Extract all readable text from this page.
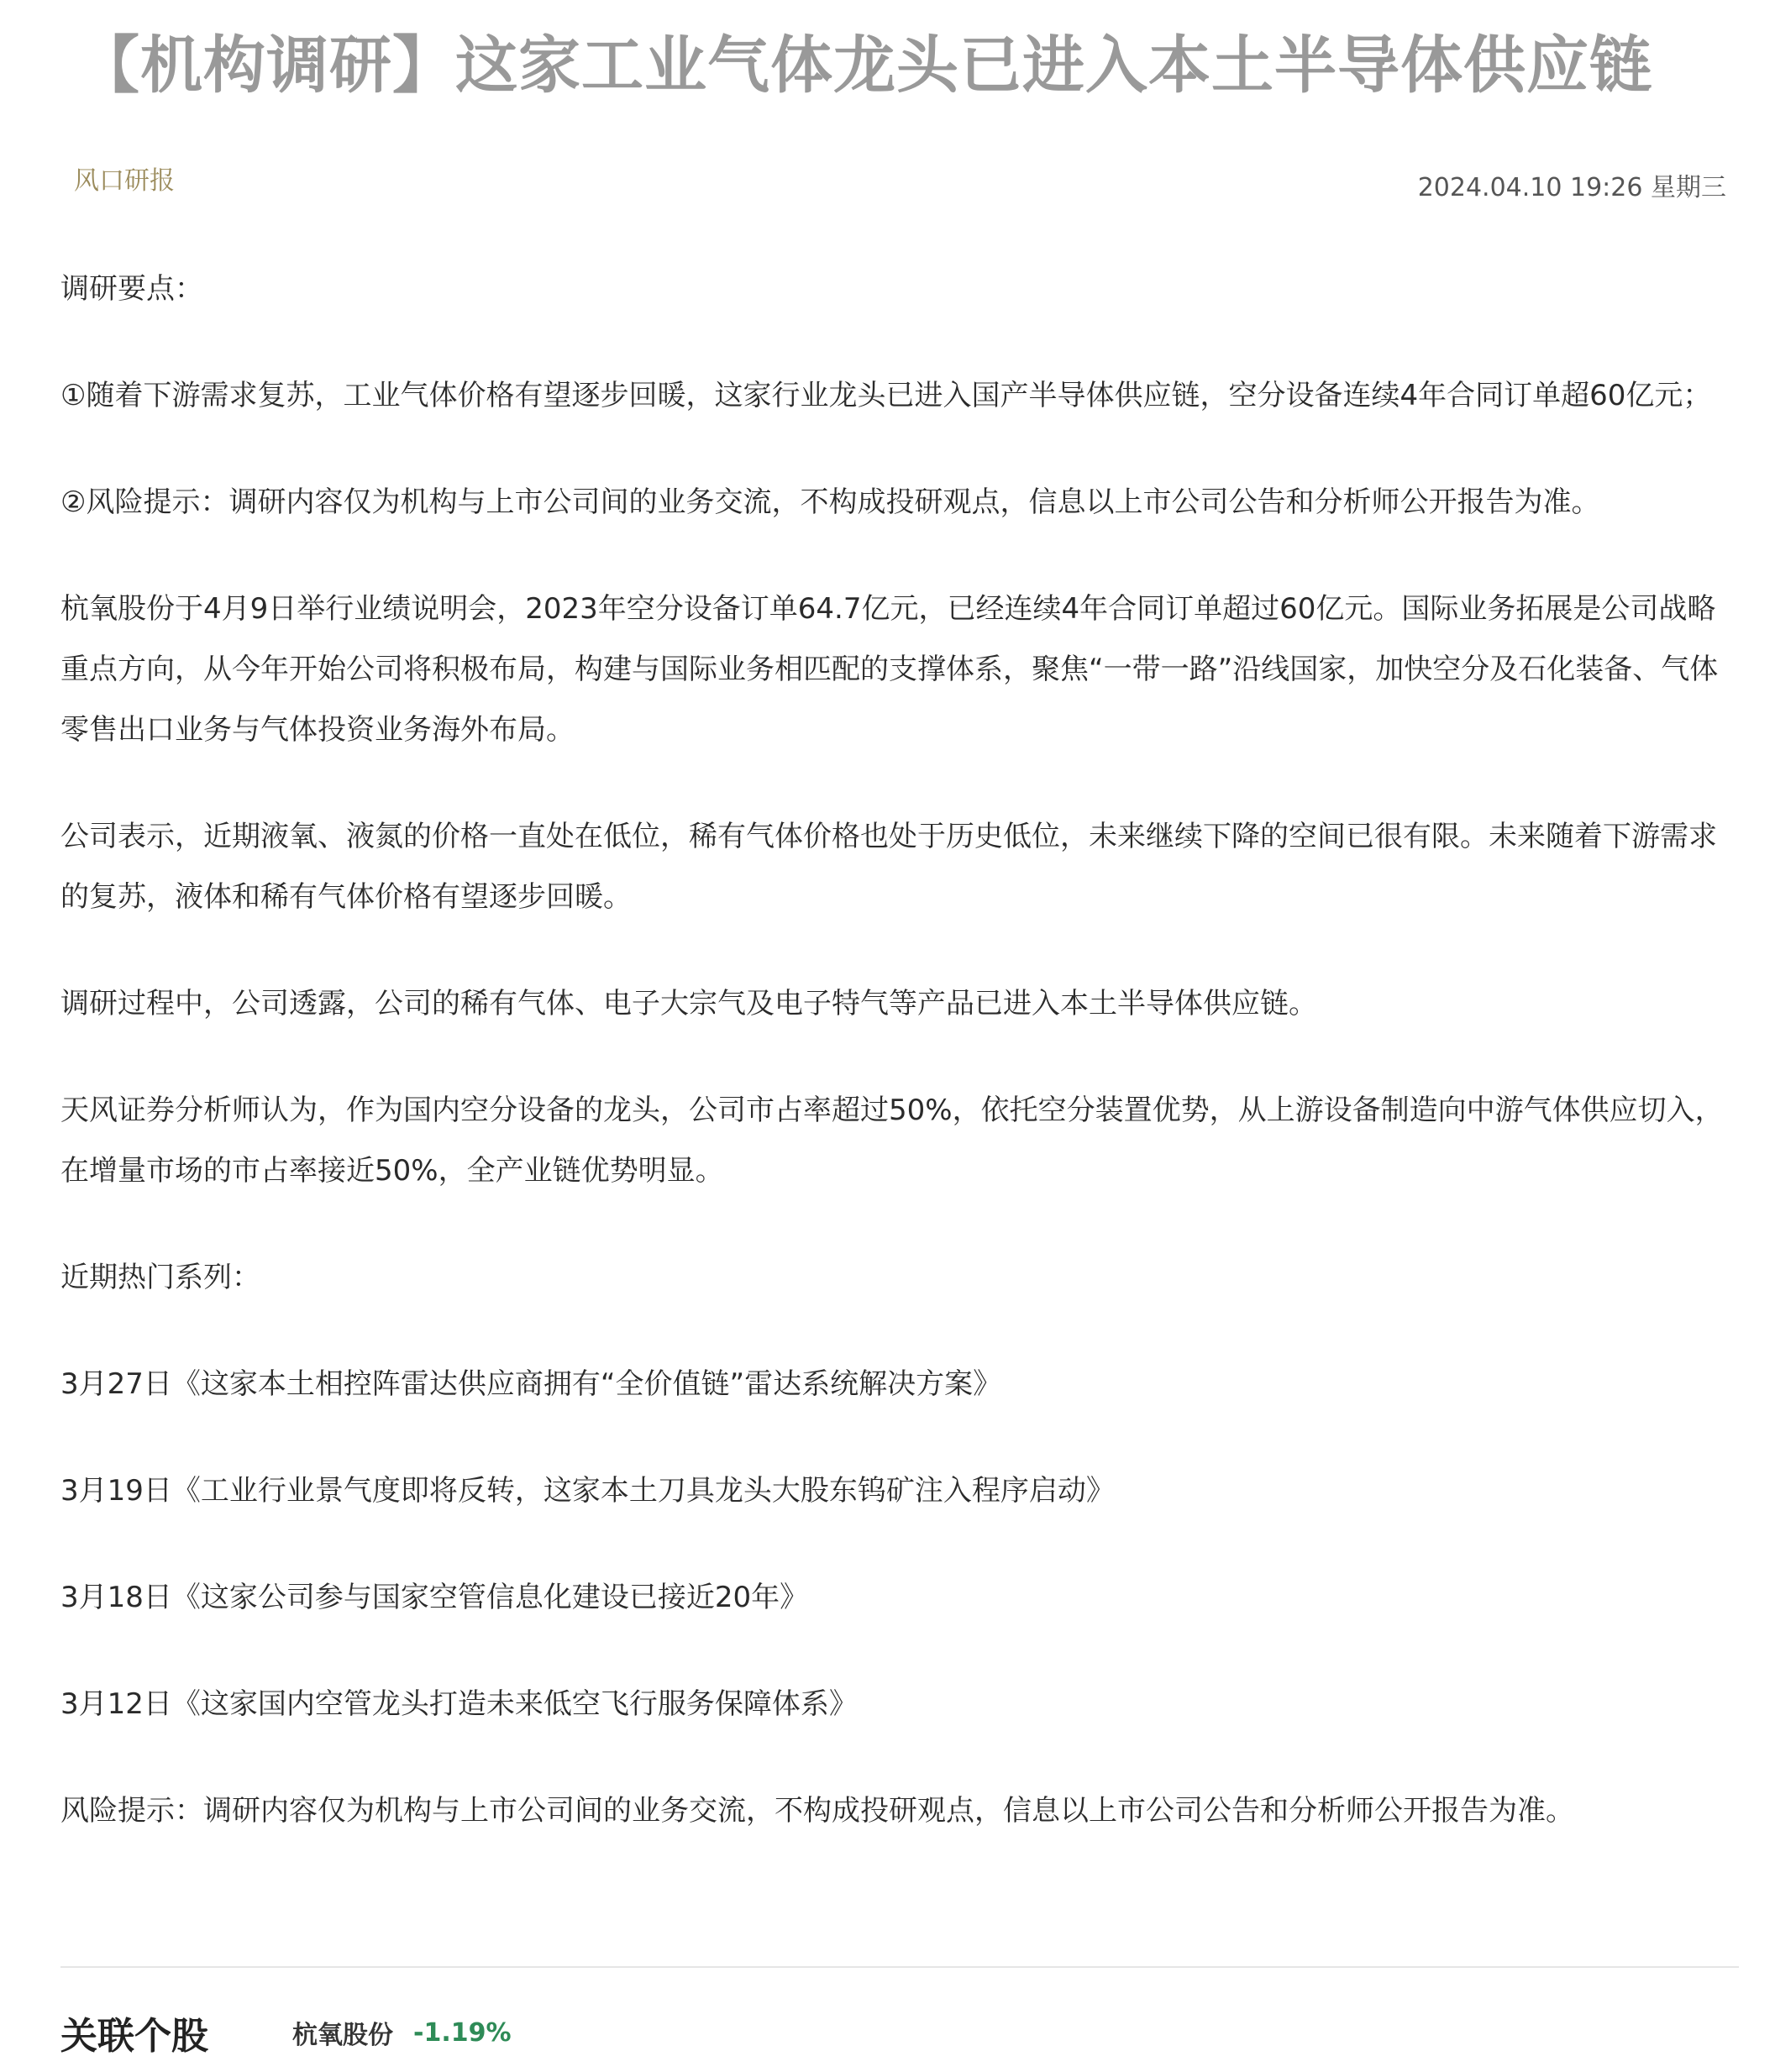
【机构调研】这家工业气体龙头已进入本土半导体供应链
风口研报	2024.04.10 19:26 星期三

调研要点：

①随着下游需求复苏，工业气体价格有望逐步回暖，这家行业龙头已进入国产半导体供应链，空分设备连续4年合同订单超60亿元；

②风险提示：调研内容仅为机构与上市公司间的业务交流，不构成投研观点，信息以上市公司公告和分析师公开报告为准。

杭氧股份于4月9日举行业绩说明会，2023年空分设备订单64.7亿元，已经连续4年合同订单超过60亿元。国际业务拓展是公司战略重点方向，从今年开始公司将积极布局，构建与国际业务相匹配的支撑体系，聚焦“一带一路”沿线国家，加快空分及石化装备、气体零售出口业务与气体投资业务海外布局。

公司表示，近期液氧、液氮的价格一直处在低位，稀有气体价格也处于历史低位，未来继续下降的空间已很有限。未来随着下游需求的复苏，液体和稀有气体价格有望逐步回暖。

调研过程中，公司透露，公司的稀有气体、电子大宗气及电子特气等产品已进入本土半导体供应链。

天风证券分析师认为，作为国内空分设备的龙头，公司市占率超过50%，依托空分装置优势，从上游设备制造向中游气体供应切入，在增量市场的市占率接近50%，全产业链优势明显。

近期热门系列：

3月27日《这家本土相控阵雷达供应商拥有“全价值链”雷达系统解决方案》

3月19日《工业行业景气度即将反转，这家本土刀具龙头大股东钨矿注入程序启动》

3月18日《这家公司参与国家空管信息化建设已接近20年》

3月12日《这家国内空管龙头打造未来低空飞行服务保障体系》

风险提示：调研内容仅为机构与上市公司间的业务交流，不构成投研观点，信息以上市公司公告和分析师公开报告为准。

关联个股	杭氧股份 -1.19%
